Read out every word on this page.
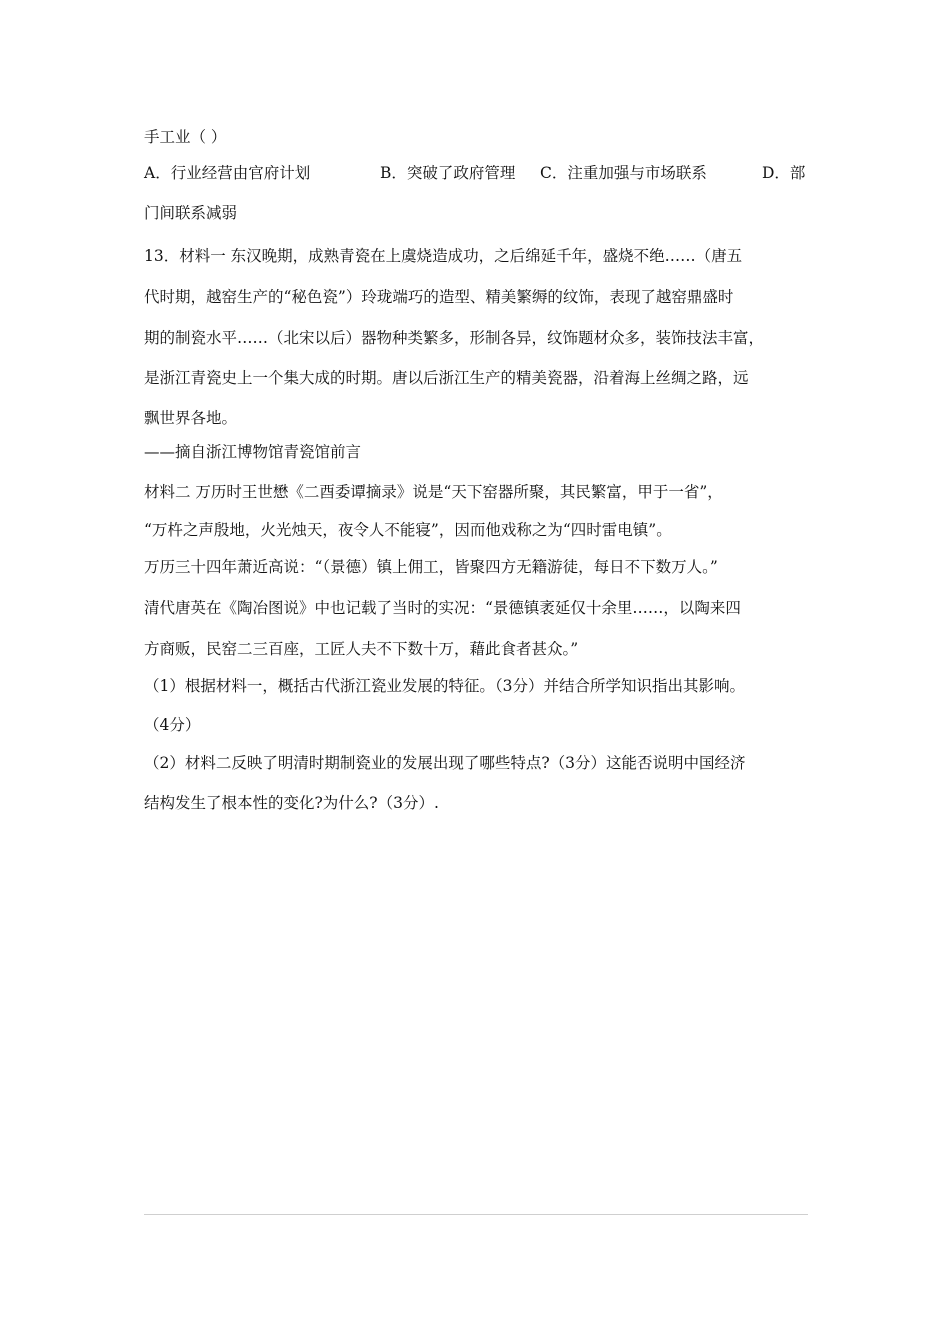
手工业（ ）
A．行业经营由官府计划	B．突破了政府管理 C．注重加强与市场联系	D．部
门间联系减弱
13．材料一 东汉晚期，成熟青瓷在上虞烧造成功，之后绵延千年，盛烧不绝……（唐五
代时期，越窑生产的“秘色瓷”）玲珑端巧的造型、精美繁缛的纹饰，表现了越窑鼎盛时
期的制瓷水平……（北宋以后）器物种类繁多，形制各异，纹饰题材众多，装饰技法丰富，
是浙江青瓷史上一个集大成的时期。唐以后浙江生产的精美瓷器，沿着海上丝绸之路，远
飘世界各地。
——摘自浙江博物馆青瓷馆前言
材料二 万历时王世懋《二酉委谭摘录》说是“天下窑器所聚，其民繁富，甲于一省”，
“万杵之声殷地，火光烛天，夜令人不能寝”，因而他戏称之为“四时雷电镇”。
万历三十四年萧近高说：“（景德）镇上佣工，皆聚四方无籍游徒，每日不下数万人。”
清代唐英在《陶冶图说》中也记载了当时的实况：“景德镇袤延仅十余里……，以陶来四
方商贩，民窑二三百座，工匠人夫不下数十万，藉此食者甚众。”
（1）根据材料一，概括古代浙江瓷业发展的特征。（3分）并结合所学知识指出其影响。
（4分）
（2）材料二反映了明清时期制瓷业的发展出现了哪些特点?（3分）这能否说明中国经济
结构发生了根本性的变化?为什么?（3分）.
